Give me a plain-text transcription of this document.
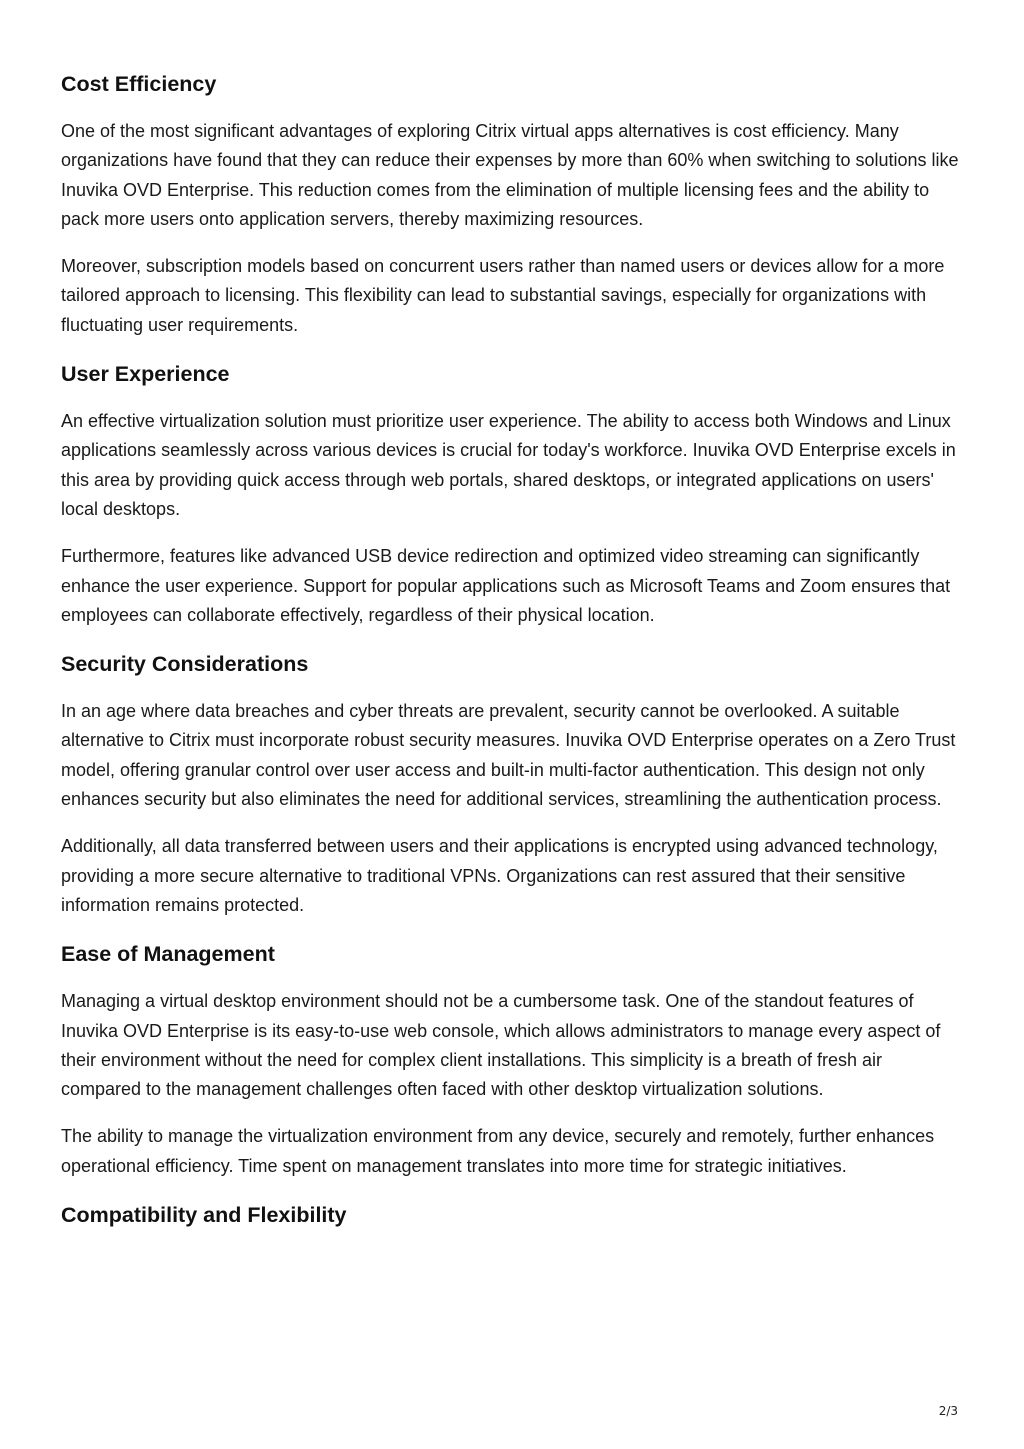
Cost Efficiency

One of the most significant advantages of exploring Citrix virtual apps alternatives is cost efficiency. Many organizations have found that they can reduce their expenses by more than 60% when switching to solutions like Inuvika OVD Enterprise. This reduction comes from the elimination of multiple licensing fees and the ability to pack more users onto application servers, thereby maximizing resources.

Moreover, subscription models based on concurrent users rather than named users or devices allow for a more tailored approach to licensing. This flexibility can lead to substantial savings, especially for organizations with fluctuating user requirements.

User Experience

An effective virtualization solution must prioritize user experience. The ability to access both Windows and Linux applications seamlessly across various devices is crucial for today's workforce. Inuvika OVD Enterprise excels in this area by providing quick access through web portals, shared desktops, or integrated applications on users' local desktops.

Furthermore, features like advanced USB device redirection and optimized video streaming can significantly enhance the user experience. Support for popular applications such as Microsoft Teams and Zoom ensures that employees can collaborate effectively, regardless of their physical location.

Security Considerations

In an age where data breaches and cyber threats are prevalent, security cannot be overlooked. A suitable alternative to Citrix must incorporate robust security measures. Inuvika OVD Enterprise operates on a Zero Trust model, offering granular control over user access and built-in multi-factor authentication. This design not only enhances security but also eliminates the need for additional services, streamlining the authentication process.

Additionally, all data transferred between users and their applications is encrypted using advanced technology, providing a more secure alternative to traditional VPNs. Organizations can rest assured that their sensitive information remains protected.

Ease of Management

Managing a virtual desktop environment should not be a cumbersome task. One of the standout features of Inuvika OVD Enterprise is its easy-to-use web console, which allows administrators to manage every aspect of their environment without the need for complex client installations. This simplicity is a breath of fresh air compared to the management challenges often faced with other desktop virtualization solutions.

The ability to manage the virtualization environment from any device, securely and remotely, further enhances operational efficiency. Time spent on management translates into more time for strategic initiatives.

Compatibility and Flexibility
2/3
